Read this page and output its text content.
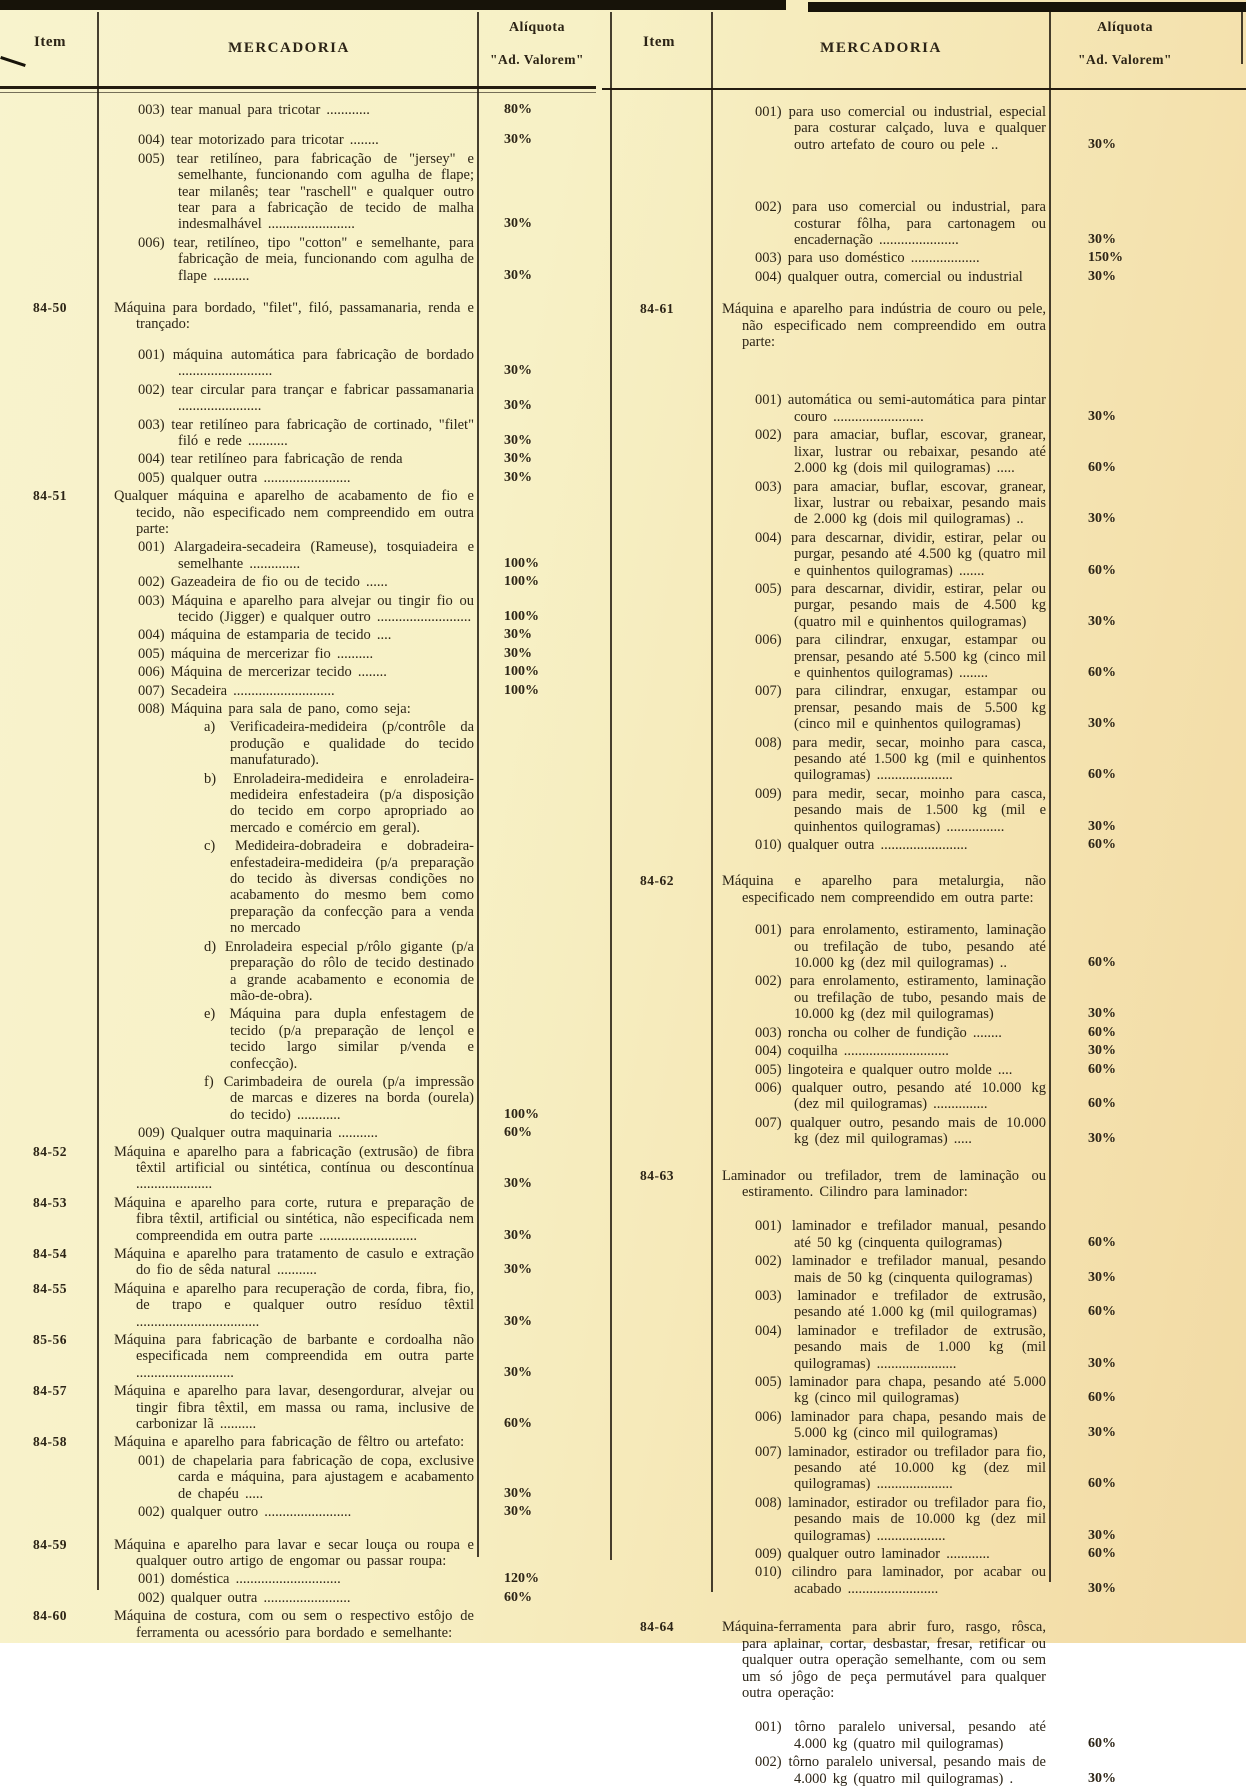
Item	MERCADORIA
Alíquota
"Ad. Valorem"
Item	MERCADORIA
Alíquota
"Ad. Valorem"
003) tear manual para tricotar ............	80%
004) tear motorizado para tricotar ........	30%
005) tear retilíneo, para fabricação de "jersey" e semelhante, funcionando com agulha de flape; tear milanês; tear "raschell" e qualquer outro tear para a fabricação de tecido de malha indesmalhável ........................	30%
006) tear, retilíneo, tipo "cotton" e semelhante, para fabricação de meia, funcionando com agulha de flape ..........	30%
84-50	Máquina para bordado, "filet", filó, passamanaria, renda e trançado:
001) máquina automática para fabricação de bordado ..........................	30%
002) tear circular para trançar e fabricar passamanaria .......................	30%
003) tear retilíneo para fabricação de cortinado, "filet" filó e rede ...........	30%
004) tear retilíneo para fabricação de renda	30%
005) qualquer outra ........................	30%
84-51	Qualquer máquina e aparelho de acabamento de fio e tecido, não especificado nem compreendido em outra parte:
001) Alargadeira-secadeira (Rameuse), tosquiadeira e semelhante ..............	100%
002) Gazeadeira de fio ou de tecido ......	100%
003) Máquina e aparelho para alvejar ou tingir fio ou tecido (Jigger) e qualquer outro ..........................	100%
004) máquina de estamparia de tecido ....	30%
005) máquina de mercerizar fio ..........	30%
006) Máquina de mercerizar tecido ........	100%
007) Secadeira ............................	100%
008) Máquina para sala de pano, como seja:
a) Verificadeira-medideira (p/contrôle da produção e qualidade do tecido manufaturado).
b) Enroladeira-medideira e enroladeira-medideira enfestadeira (p/a disposição do tecido em corpo apropriado ao mercado e comércio em geral).
c) Medideira-dobradeira e dobradeira-enfestadeira-medideira (p/a preparação do tecido às diversas condições no acabamento do mesmo bem como preparação da confecção para a venda no mercado
d) Enroladeira especial p/rôlo gigante (p/a preparação do rôlo de tecido destinado a grande acabamento e economia de mão-de-obra).
e) Máquina para dupla enfestagem de tecido (p/a preparação de lençol e tecido largo similar p/venda e confecção).
f) Carimbadeira de ourela (p/a impressão de marcas e dizeres na borda (ourela) do tecido) ............	100%
009) Qualquer outra maquinaria ...........	60%
84-52	Máquina e aparelho para a fabricação (extrusão) de fibra têxtil artificial ou sintética, contínua ou descontínua .....................	30%
84-53	Máquina e aparelho para corte, rutura e preparação de fibra têxtil, artificial ou sintética, não especificada nem compreendida em outra parte ...........................	30%
84-54	Máquina e aparelho para tratamento de casulo e extração do fio de sêda natural ...........	30%
84-55	Máquina e aparelho para recuperação de corda, fibra, fio, de trapo e qualquer outro resíduo têxtil ..................................	30%
85-56	Máquina para fabricação de barbante e cordoalha não especificada nem compreendida em outra parte ...........................	30%
84-57	Máquina e aparelho para lavar, desengordurar, alvejar ou tingir fibra têxtil, em massa ou rama, inclusive de carbonizar lã ..........	60%
84-58	Máquina e aparelho para fabricação de fêltro ou artefato:
001) de chapelaria para fabricação de copa, exclusive carda e máquina, para ajustagem e acabamento de chapéu .....	30%
002) qualquer outro ........................	30%
84-59	Máquina e aparelho para lavar e secar louça ou roupa e qualquer outro artigo de engomar ou passar roupa:
001) doméstica .............................	120%
002) qualquer outra ........................	60%
84-60	Máquina de costura, com ou sem o respectivo estôjo de ferramenta ou acessório para bordado e semelhante:
001) para uso comercial ou industrial, especial para costurar calçado, luva e qualquer outro artefato de couro ou pele ..	30%
002) para uso comercial ou industrial, para costurar fôlha, para cartonagem ou encadernação ......................	30%
003) para uso doméstico ...................	150%
004) qualquer outra, comercial ou industrial	30%
84-61	Máquina e aparelho para indústria de couro ou pele, não especificado nem compreendido em outra parte:
001) automática ou semi-automática para pintar couro .........................	30%
002) para amaciar, buflar, escovar, granear, lixar, lustrar ou rebaixar, pesando até 2.000 kg (dois mil quilogramas) .....	60%
003) para amaciar, buflar, escovar, granear, lixar, lustrar ou rebaixar, pesando mais de 2.000 kg (dois mil quilogramas) ..	30%
004) para descarnar, dividir, estirar, pelar ou purgar, pesando até 4.500 kg (quatro mil e quinhentos quilogramas) .......	60%
005) para descarnar, dividir, estirar, pelar ou purgar, pesando mais de 4.500 kg (quatro mil e quinhentos quilogramas)	30%
006) para cilindrar, enxugar, estampar ou prensar, pesando até 5.500 kg (cinco mil e quinhentos quilogramas) ........	60%
007) para cilindrar, enxugar, estampar ou prensar, pesando mais de 5.500 kg (cinco mil e quinhentos quilogramas)	30%
008) para medir, secar, moinho para casca, pesando até 1.500 kg (mil e quinhentos quilogramas) .....................	60%
009) para medir, secar, moinho para casca, pesando mais de 1.500 kg (mil e quinhentos quilogramas) ................	30%
010) qualquer outra ........................	60%
84-62	Máquina e aparelho para metalurgia, não especificado nem compreendido em outra parte:
001) para enrolamento, estiramento, laminação ou trefilação de tubo, pesando até 10.000 kg (dez mil quilogramas) ..	60%
002) para enrolamento, estiramento, laminação ou trefilação de tubo, pesando mais de 10.000 kg (dez mil quilogramas)	30%
003) roncha ou colher de fundição ........	60%
004) coquilha .............................	30%
005) lingoteira e qualquer outro molde ....	60%
006) qualquer outro, pesando até 10.000 kg (dez mil quilogramas) ...............	60%
007) qualquer outro, pesando mais de 10.000 kg (dez mil quilogramas) .....	30%
84-63	Laminador ou trefilador, trem de laminação ou estiramento. Cilindro para laminador:
001) laminador e trefilador manual, pesando até 50 kg (cinquenta quilogramas)	60%
002) laminador e trefilador manual, pesando mais de 50 kg (cinquenta quilogramas)	30%
003) laminador e trefilador de extrusão, pesando até 1.000 kg (mil quilogramas)	60%
004) laminador e trefilador de extrusão, pesando mais de 1.000 kg (mil quilogramas) ......................	30%
005) laminador para chapa, pesando até 5.000 kg (cinco mil quilogramas)	60%
006) laminador para chapa, pesando mais de 5.000 kg (cinco mil quilogramas)	30%
007) laminador, estirador ou trefilador para fio, pesando até 10.000 kg (dez mil quilogramas) .....................	60%
008) laminador, estirador ou trefilador para fio, pesando mais de 10.000 kg (dez mil quilogramas) ...................	30%
009) qualquer outro laminador ............	60%
010) cilindro para laminador, por acabar ou acabado .........................	30%
84-64	Máquina-ferramenta para abrir furo, rasgo, rôsca, para aplainar, cortar, desbastar, fresar, retificar ou qualquer outra operação semelhante, com ou sem um só jôgo de peça permutável para qualquer outra operação:
001) tôrno paralelo universal, pesando até 4.000 kg (quatro mil quilogramas)	60%
002) tôrno paralelo universal, pesando mais de 4.000 kg (quatro mil quilogramas) .	30%
